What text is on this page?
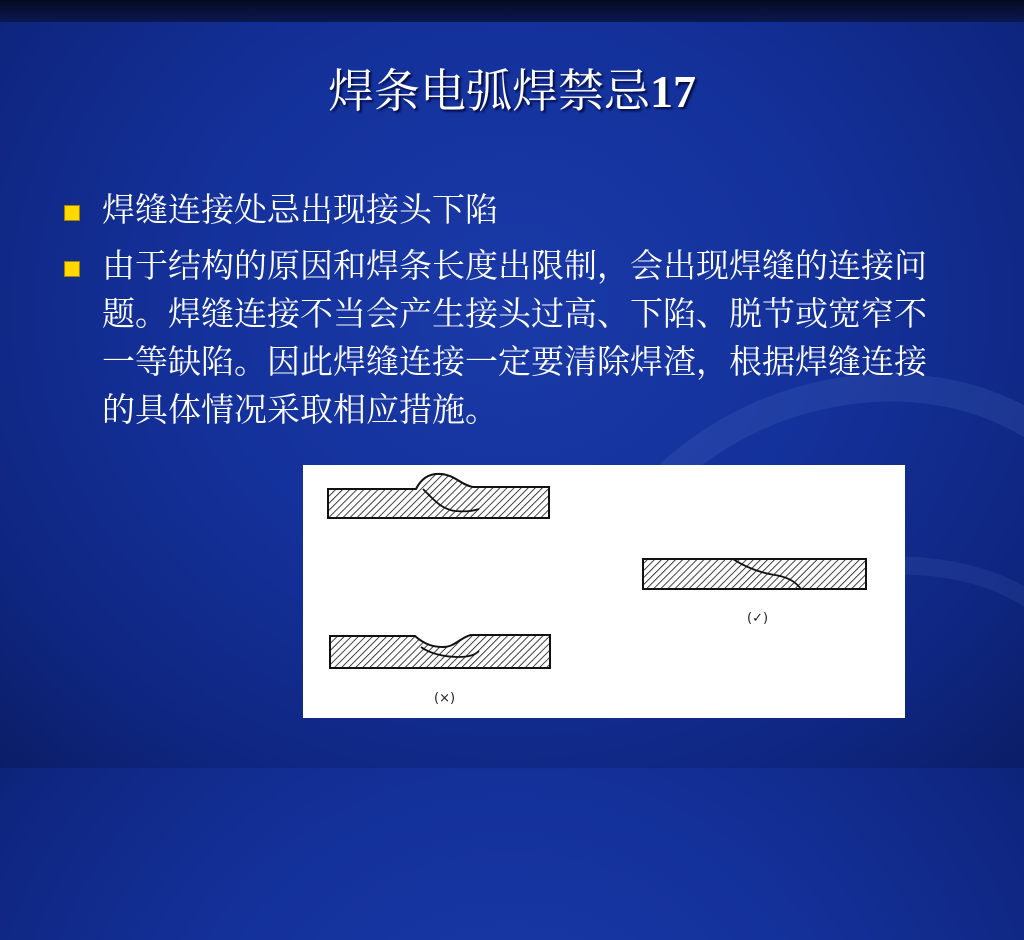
焊条电弧焊禁忌17
焊缝连接处忌出现接头下陷
由于结构的原因和焊条长度出限制，会出现焊缝的连接问题。焊缝连接不当会产生接头过高、下陷、脱节或宽窄不一等缺陷。因此焊缝连接一定要清除焊渣，根据焊缝连接的具体情况采取相应措施。
(✓)
(×)
